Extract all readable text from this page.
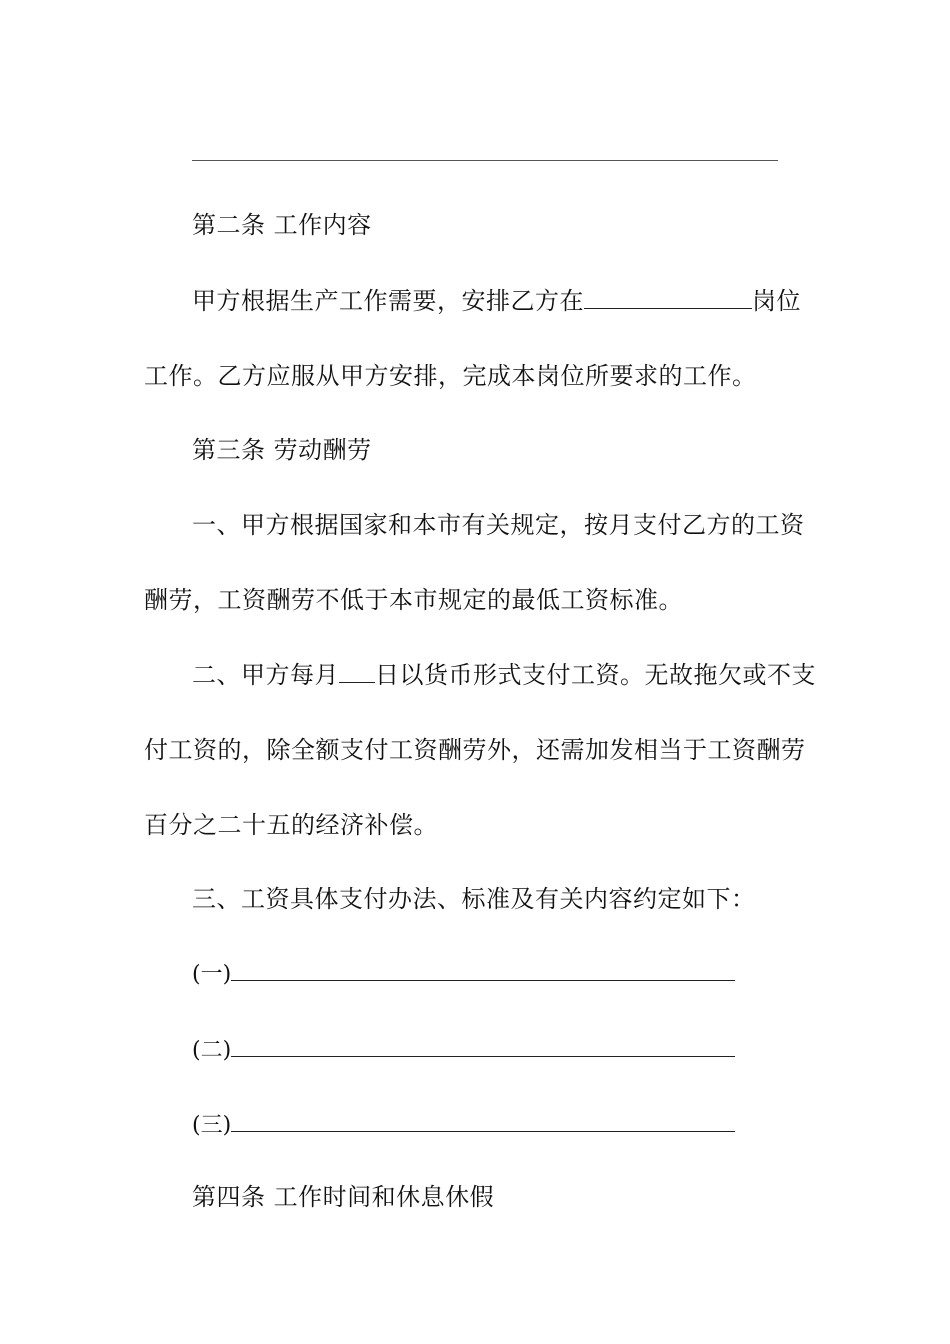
第二条 工作内容
甲方根据生产工作需要，安排乙方在	岗位
工作。乙方应服从甲方安排，完成本岗位所要求的工作。
第三条 劳动酬劳
一、甲方根据国家和本市有关规定，按月支付乙方的工资
酬劳，工资酬劳不低于本市规定的最低工资标准。
二、甲方每月 日以货币形式支付工资。无故拖欠或不支
付工资的，除全额支付工资酬劳外，还需加发相当于工资酬劳
百分之二十五的经济补偿。
三、工资具体支付办法、标准及有关内容约定如下：
(一)
(二)
(三)
第四条 工作时间和休息休假
